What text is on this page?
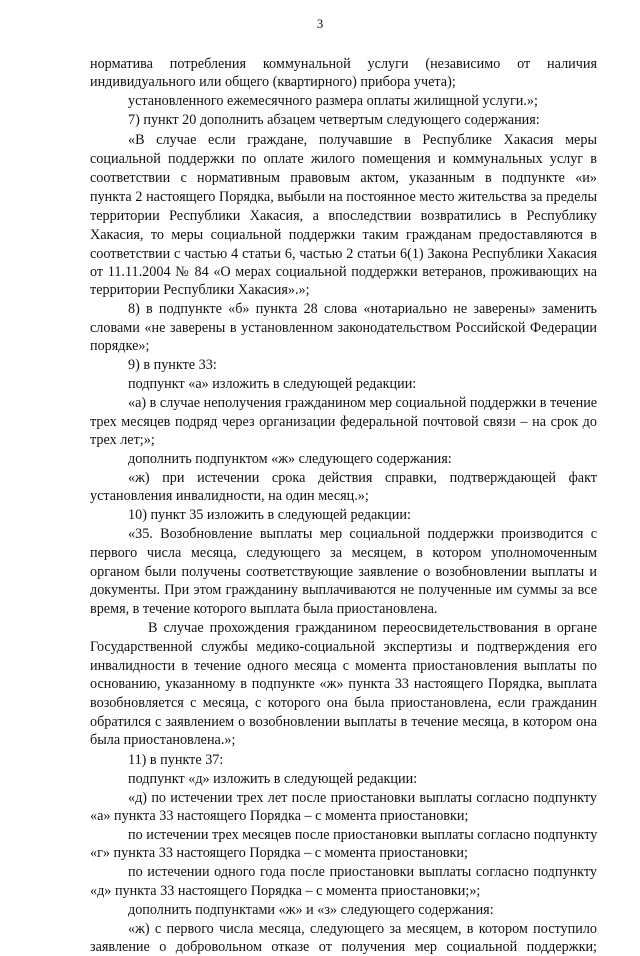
3
норматива потребления коммунальной услуги (независимо от наличия
индивидуального или общего (квартирного) прибора учета);
установленного ежемесячного размера оплаты жилищной услуги.»;
7) пункт 20 дополнить абзацем четвертым следующего содержания:
«В случае если граждане, получавшие в Республике Хакасия меры
социальной поддержки по оплате жилого помещения и коммунальных услуг в
соответствии с нормативным правовым актом, указанным в подпункте «и»
пункта 2 настоящего Порядка, выбыли на постоянное место жительства за пределы
территории Республики Хакасия, а впоследствии возвратились в Республику
Хакасия, то меры социальной поддержки таким гражданам предоставляются в
соответствии с частью 4 статьи 6, частью 2 статьи 6(1) Закона Республики Хакасия
от 11.11.2004 № 84 «О мерах социальной поддержки ветеранов, проживающих на
территории Республики Хакасия».»;
8) в подпункте «б» пункта 28 слова «нотариально не заверены» заменить
словами «не заверены в установленном законодательством Российской Федерации
порядке»;
9) в пункте 33:
подпункт «а» изложить в следующей редакции:
«а) в случае неполучения гражданином мер социальной поддержки в течение
трех месяцев подряд через организации федеральной почтовой связи – на срок до
трех лет;»;
дополнить подпунктом «ж» следующего содержания:
«ж) при истечении срока действия справки, подтверждающей факт
установления инвалидности, на один месяц.»;
10) пункт 35 изложить в следующей редакции:
«35. Возобновление выплаты мер социальной поддержки производится с
первого числа месяца, следующего за месяцем, в котором уполномоченным
органом были получены соответствующие заявление о возобновлении выплаты и
документы. При этом гражданину выплачиваются не полученные им суммы за все
время, в течение которого выплата была приостановлена.
В случае прохождения гражданином переосвидетельствования в органе
Государственной службы медико-социальной экспертизы и подтверждения его
инвалидности в течение одного месяца с момента приостановления выплаты по
основанию, указанному в подпункте «ж» пункта 33 настоящего Порядка, выплата
возобновляется с месяца, с которого она была приостановлена, если гражданин
обратился с заявлением о возобновлении выплаты в течение месяца, в котором она
была приостановлена.»;
11) в пункте 37:
подпункт «д» изложить в следующей редакции:
«д) по истечении трех лет после приостановки выплаты согласно подпункту
«а» пункта 33 настоящего Порядка – с момента приостановки;
по истечении трех месяцев после приостановки выплаты согласно подпункту
«г» пункта 33 настоящего Порядка – с момента приостановки;
по истечении одного года после приостановки выплаты согласно подпункту
«д» пункта 33 настоящего Порядка – с момента приостановки;»;
дополнить подпунктами «ж» и «з» следующего содержания:
«ж) с первого числа месяца, следующего за месяцем, в котором поступило
заявление о добровольном отказе от получения мер социальной поддержки;
